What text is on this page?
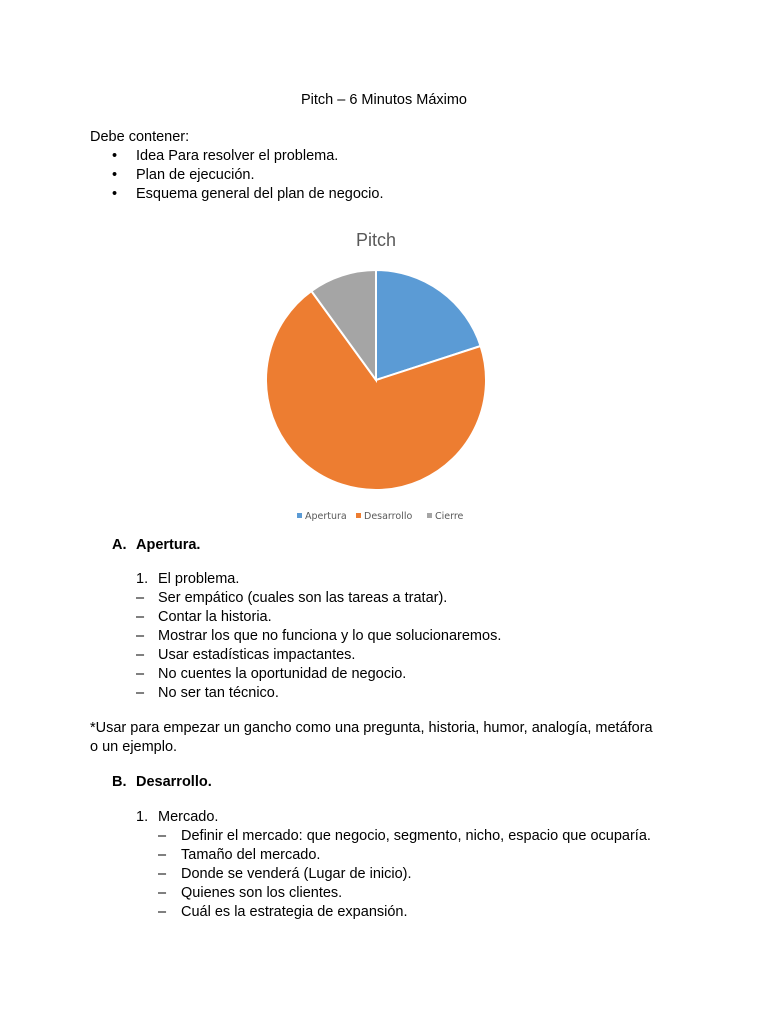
Pitch – 6 Minutos Máximo
Debe contener:
• Idea Para resolver el problema.
• Plan de ejecución.
• Esquema general del plan de negocio.
Pitch
Apertura Desarrollo Cierre
A. Apertura.
1. El problema.
– Ser empático (cuales son las tareas a tratar).
– Contar la historia.
– Mostrar los que no funciona y lo que solucionaremos.
– Usar estadísticas impactantes.
– No cuentes la oportunidad de negocio.
– No ser tan técnico.
*Usar para empezar un gancho como una pregunta, historia, humor, analogía, metáfora
o un ejemplo.
B. Desarrollo.
1. Mercado.
– Definir el mercado: que negocio, segmento, nicho, espacio que ocuparía.
– Tamaño del mercado.
– Donde se venderá (Lugar de inicio).
– Quienes son los clientes.
– Cuál es la estrategia de expansión.
